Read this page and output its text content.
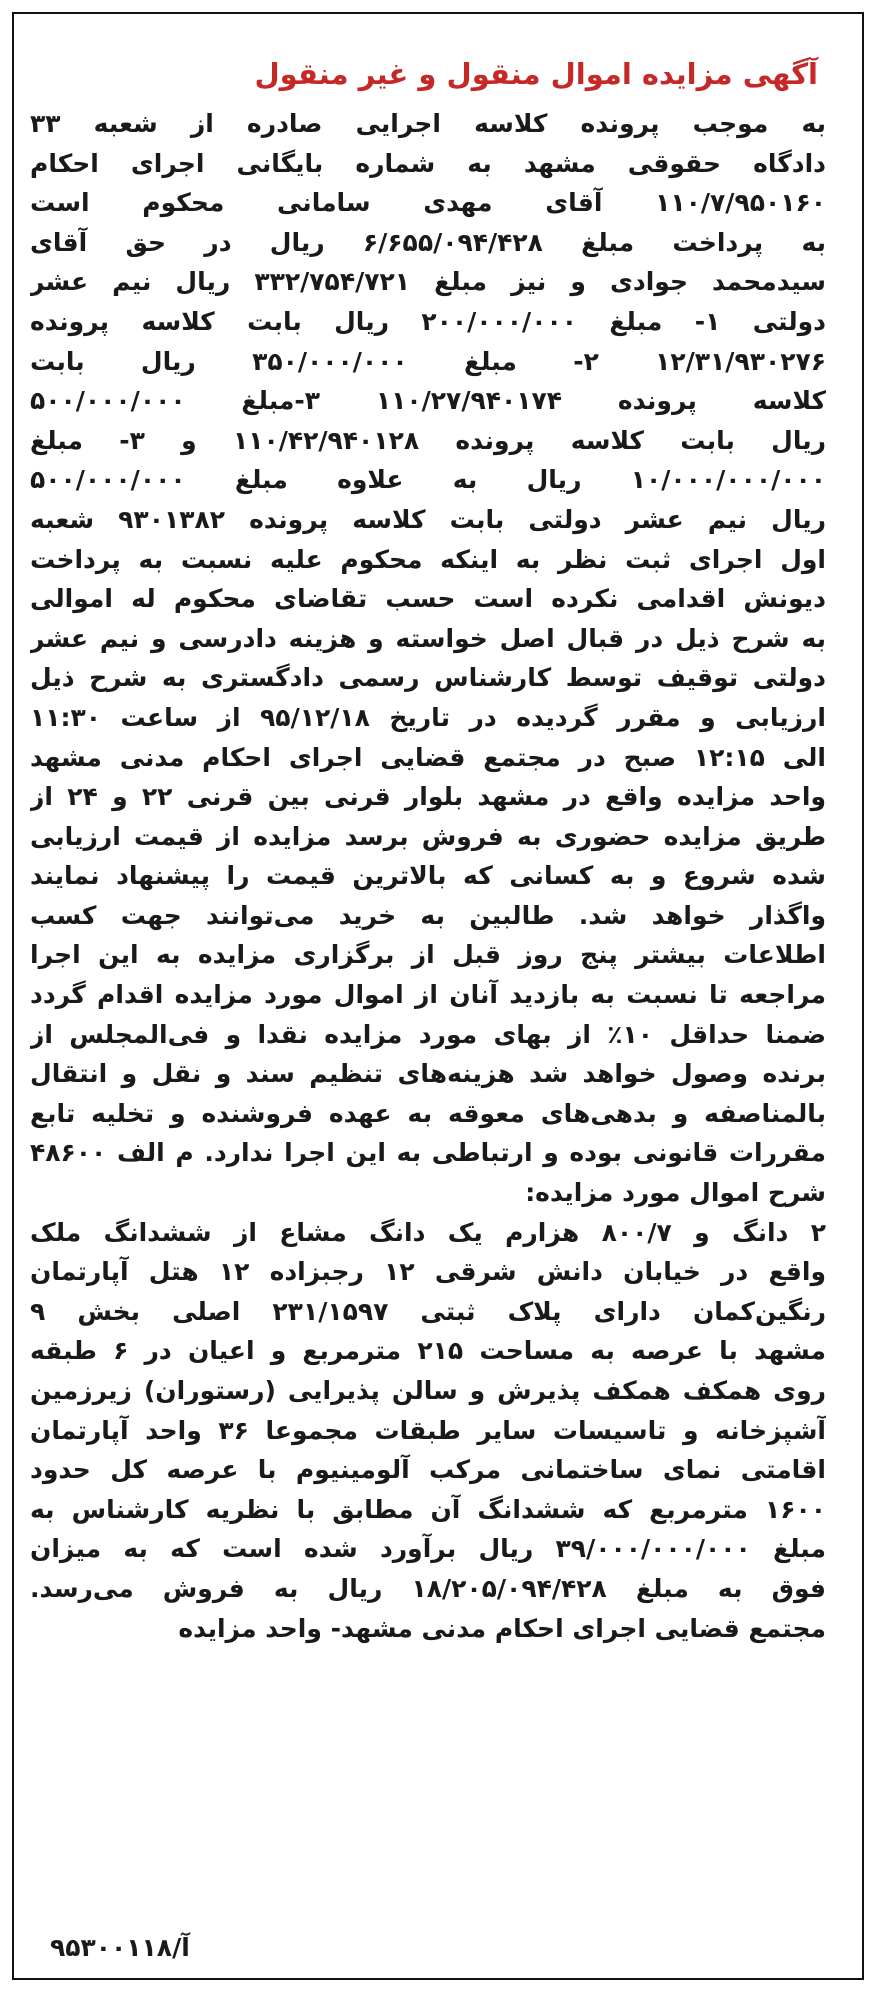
آگهی مزایده اموال منقول و غیر منقول
به موجب پرونده کلاسه اجرایی صادره از شعبه ۳۳
دادگاه حقوقی مشهد به شماره بایگانی اجرای احکام
۱۱۰/۷/۹۵۰۱۶۰ آقای مهدی سامانی محکوم است
به پرداخت مبلغ ۶/۶۵۵/۰۹۴/۴۲۸ ریال در حق آقای
سیدمحمد جوادی و نیز مبلغ ۳۳۲/۷۵۴/۷۲۱ ریال نیم عشر
دولتی ۱- مبلغ ۲۰۰/۰۰۰/۰۰۰ ریال بابت کلاسه پرونده
۱۲/۳۱/۹۳۰۲۷۶ ۲- مبلغ ۳۵۰/۰۰۰/۰۰۰ ریال بابت
کلاسه پرونده ۱۱۰/۲۷/۹۴۰۱۷۴ ۳-مبلغ ۵۰۰/۰۰۰/۰۰۰
ریال بابت کلاسه پرونده ۱۱۰/۴۲/۹۴۰۱۲۸ و ۳- مبلغ
۱۰/۰۰۰/۰۰۰/۰۰۰ ریال به علاوه مبلغ ۵۰۰/۰۰۰/۰۰۰
ریال نیم عشر دولتی بابت کلاسه پرونده ۹۳۰۱۳۸۲ شعبه
اول اجرای ثبت نظر به اینکه محکوم علیه نسبت به پرداخت
دیونش اقدامی نکرده است حسب تقاضای محکوم له اموالی
به شرح ذیل در قبال اصل خواسته و هزینه دادرسی و نیم عشر
دولتی توقیف توسط کارشناس رسمی دادگستری به شرح ذیل
ارزیابی و مقرر گردیده در تاریخ ۹۵/۱۲/۱۸ از ساعت ۱۱:۳۰
الی ۱۲:۱۵ صبح در مجتمع قضایی اجرای احکام مدنی مشهد
واحد مزایده واقع در مشهد بلوار قرنی بین قرنی ۲۲ و ۲۴ از
طریق مزایده حضوری به فروش برسد مزایده از قیمت ارزیابی
شده شروع و به کسانی که بالاترین قیمت را پیشنهاد نمایند
واگذار خواهد شد. طالبین به خرید می‌توانند جهت کسب
اطلاعات بیشتر پنج روز قبل از برگزاری مزایده به این اجرا
مراجعه تا نسبت به بازدید آنان از اموال مورد مزایده اقدام گردد
ضمنا حداقل ۱۰٪ از بهای مورد مزایده نقدا و فی‌المجلس از
برنده وصول خواهد شد هزینه‌های تنظیم سند و نقل و انتقال
بالمناصفه و بدهی‌های معوقه به عهده فروشنده و تخلیه تابع
مقررات قانونی بوده و ارتباطی به این اجرا ندارد. م الف ۴۸۶۰۰
شرح اموال مورد مزایده:
۲ دانگ و ۸۰۰/۷ هزارم یک دانگ مشاع از ششدانگ ملک
واقع در خیابان دانش شرقی ۱۲ رجبزاده ۱۲ هتل آپارتمان
رنگین‌کمان دارای پلاک ثبتی ۲۳۱/۱۵۹۷ اصلی بخش ۹
مشهد با عرصه به مساحت ۲۱۵ مترمربع و اعیان در ۶ طبقه
روی همکف همکف پذیرش و سالن پذیرایی (رستوران) زیرزمین
آشپزخانه و تاسیسات سایر طبقات مجموعا ۳۶ واحد آپارتمان
اقامتی نمای ساختمانی مرکب آلومینیوم با عرصه کل حدود
۱۶۰۰ مترمربع که ششدانگ آن مطابق با نظریه کارشناس به
مبلغ ۳۹/۰۰۰/۰۰۰/۰۰۰ ریال برآورد شده است که به میزان
فوق به مبلغ ۱۸/۲۰۵/۰۹۴/۴۲۸ ریال به فروش می‌رسد.
مجتمع قضایی اجرای احکام مدنی مشهد- واحد مزایده
آ/۹۵۳۰۰۱۱۸
